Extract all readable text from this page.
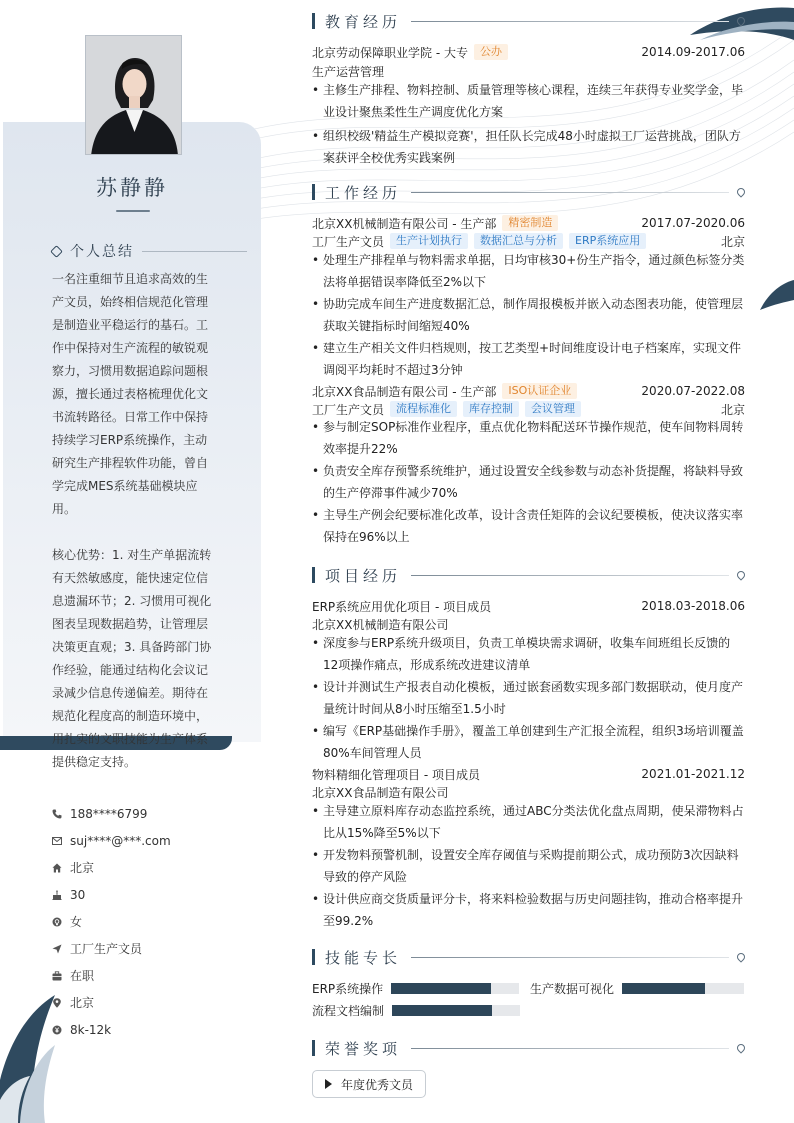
苏静静
个人总结

一名注重细节且追求高效的生产文员，始终相信规范化管理是制造业平稳运行的基石。工作中保持对生产流程的敏锐观察力，习惯用数据追踪问题根源，擅长通过表格梳理优化文书流转路径。日常工作中保持持续学习ERP系统操作，主动研究生产排程软件功能，曾自学完成MES系统基础模块应用。

核心优势：1. 对生产单据流转有天然敏感度，能快速定位信息遗漏环节；2. 习惯用可视化图表呈现数据趋势，让管理层决策更直观；3. 具备跨部门协作经验，能通过结构化会议记录减少信息传递偏差。期待在规范化程度高的制造环境中，用扎实的文职技能为生产体系提供稳定支持。

188****6799
suj****@***.com
北京
30
女
工厂生产文员
在职
北京
8k-12k
教育经历
北京劳动保障职业学院 - 大专	公办	2014.09-2017.06
生产运营管理
• 主修生产排程、物料控制、质量管理等核心课程，连续三年获得专业奖学金，毕业设计聚焦柔性生产调度优化方案
• 组织校级'精益生产模拟竞赛'，担任队长完成48小时虚拟工厂运营挑战，团队方案获评全校优秀实践案例
工作经历
北京XX机械制造有限公司 - 生产部	精密制造	2017.07-2020.06
工厂生产文员	生产计划执行	数据汇总与分析	ERP系统应用	北京
• 处理生产排程单与物料需求单据，日均审核30+份生产指令，通过颜色标签分类法将单据错误率降低至2%以下
• 协助完成车间生产进度数据汇总，制作周报模板并嵌入动态图表功能，使管理层获取关键指标时间缩短40%
• 建立生产相关文件归档规则，按工艺类型+时间维度设计电子档案库，实现文件调阅平均耗时不超过3分钟
北京XX食品制造有限公司 - 生产部	ISO认证企业	2020.07-2022.08
工厂生产文员	流程标准化	库存控制	会议管理	北京
• 参与制定SOP标准作业程序，重点优化物料配送环节操作规范，使车间物料周转效率提升22%
• 负责安全库存预警系统维护，通过设置安全线参数与动态补货提醒，将缺料导致的生产停滞事件减少70%
• 主导生产例会纪要标准化改革，设计含责任矩阵的会议纪要模板，使决议落实率保持在96%以上
项目经历
ERP系统应用优化项目 - 项目成员	2018.03-2018.06
北京XX机械制造有限公司
• 深度参与ERP系统升级项目，负责工单模块需求调研，收集车间班组长反馈的12项操作痛点，形成系统改进建议清单
• 设计并测试生产报表自动化模板，通过嵌套函数实现多部门数据联动，使月度产量统计时间从8小时压缩至1.5小时
• 编写《ERP基础操作手册》，覆盖工单创建到生产汇报全流程，组织3场培训覆盖80%车间管理人员
物料精细化管理项目 - 项目成员	2021.01-2021.12
北京XX食品制造有限公司
• 主导建立原料库存动态监控系统，通过ABC分类法优化盘点周期，使呆滞物料占比从15%降至5%以下
• 开发物料预警机制，设置安全库存阈值与采购提前期公式，成功预防3次因缺料导致的停产风险
• 设计供应商交货质量评分卡，将来料检验数据与历史问题挂钩，推动合格率提升至99.2%
技能专长
ERP系统操作	生产数据可视化
流程文档编制
荣誉奖项
年度优秀文员
